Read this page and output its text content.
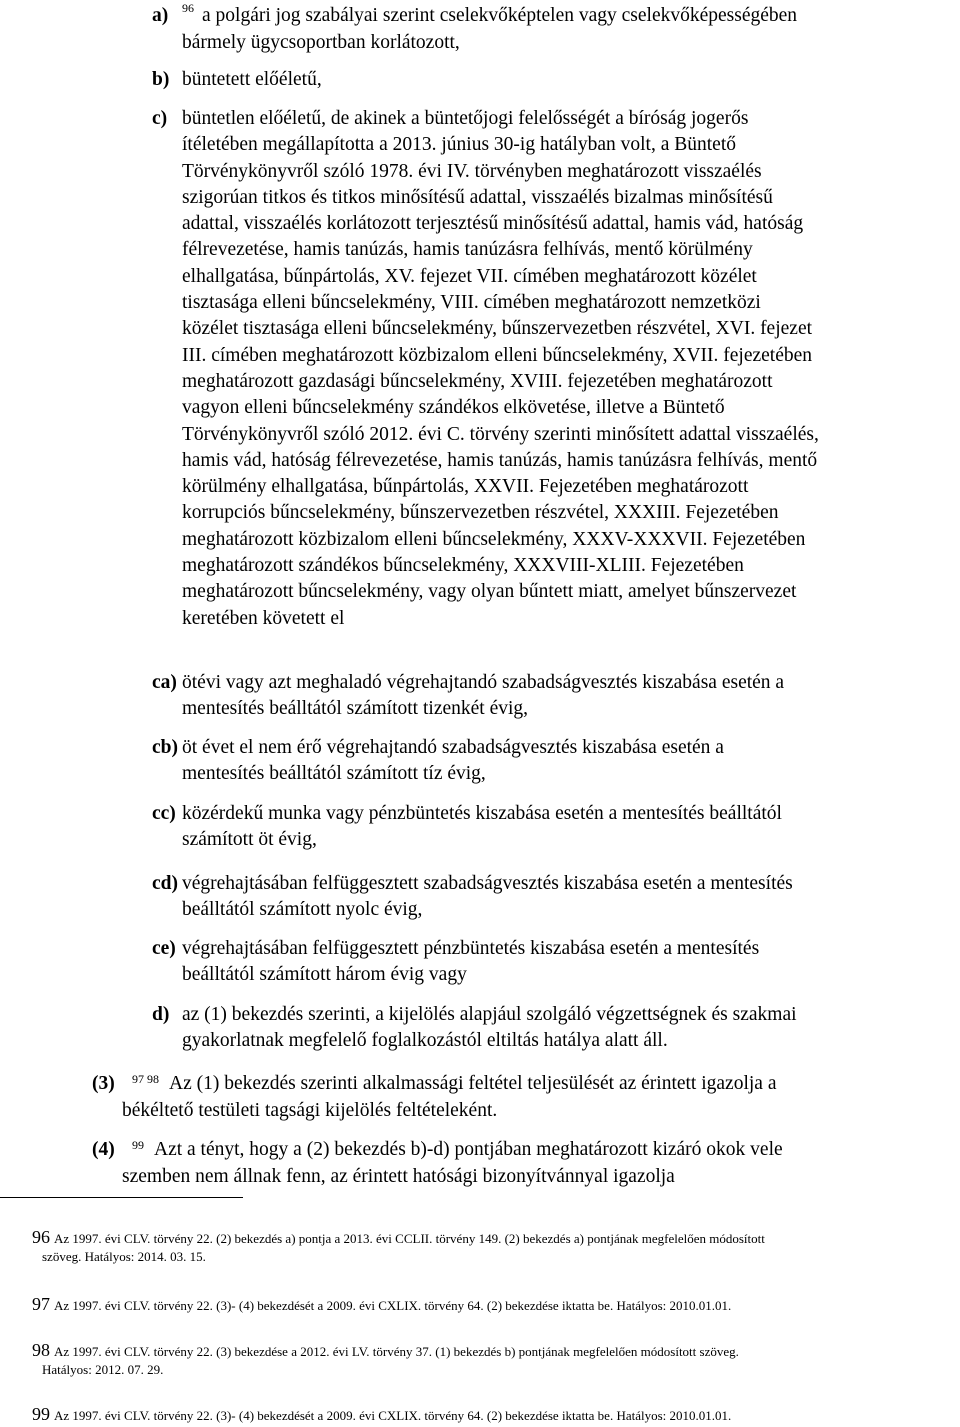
a) $^{96}$ a polgári jog szabályai szerint cselekvőképtelen vagy cselekvőképességében
bármely ügycsoportban korlátozott,
b) büntetett előéletű,
c) büntetlen előéletű, de akinek a büntetőjogi felelősségét a bíróság jogerős
ítéletében megállapította a 2013. június 30-ig hatályban volt, a Büntető
Törvénykönyvről szóló 1978. évi IV. törvényben meghatározott visszaélés
szigorúan titkos és titkos minősítésű adattal, visszaélés bizalmas minősítésű
adattal, visszaélés korlátozott terjesztésű minősítésű adattal, hamis vád, hatóság
félrevezetése, hamis tanúzás, hamis tanúzásra felhívás, mentő körülmény
elhallgatása, bűnpártolás, XV. fejezet VII. címében meghatározott közélet
tisztasága elleni bűncselekmény, VIII. címében meghatározott nemzetközi
közélet tisztasága elleni bűncselekmény, bűnszervezetben részvétel, XVI. fejezet
III. címében meghatározott közbizalom elleni bűncselekmény, XVII. fejezetében
meghatározott gazdasági bűncselekmény, XVIII. fejezetében meghatározott
vagyon elleni bűncselekmény szándékos elkövetése, illetve a Büntető
Törvénykönyvről szóló 2012. évi C. törvény szerinti minősített adattal visszaélés,
hamis vád, hatóság félrevezetése, hamis tanúzás, hamis tanúzásra felhívás, mentő
körülmény elhallgatása, bűnpártolás, XXVII. Fejezetében meghatározott
korrupciós bűncselekmény, bűnszervezetben részvétel, XXXIII. Fejezetében
meghatározott közbizalom elleni bűncselekmény, XXXV-XXXVII. Fejezetében
meghatározott szándékos bűncselekmény, XXXVIII-XLIII. Fejezetében
meghatározott bűncselekmény, vagy olyan bűntett miatt, amelyet bűnszervezet
keretében követett el
ca) ötévi vagy azt meghaladó végrehajtandó szabadságvesztés kiszabása esetén a
mentesítés beálltától számított tizenkét évig,
cb) öt évet el nem érő végrehajtandó szabadságvesztés kiszabása esetén a
mentesítés beálltától számított tíz évig,
cc) közérdekű munka vagy pénzbüntetés kiszabása esetén a mentesítés beálltától
számított öt évig,
cd) végrehajtásában felfüggesztett szabadságvesztés kiszabása esetén a mentesítés
beálltától számított nyolc évig,
ce) végrehajtásában felfüggesztett pénzbüntetés kiszabása esetén a mentesítés
beálltától számított három évig vagy
d) az (1) bekezdés szerinti, a kijelölés alapjául szolgáló végzettségnek és szakmai
gyakorlatnak megfelelő foglalkozástól eltiltás hatálya alatt áll.
(3) $^{97 98}$ Az (1) bekezdés szerinti alkalmassági feltétel teljesülését az érintett igazolja a
békéltető testületi tagsági kijelölés feltételeként.
(4) $^{99}$ Azt a tényt, hogy a (2) bekezdés b)-d) pontjában meghatározott kizáró okok vele
szemben nem állnak fenn, az érintett hatósági bizonyítvánnyal igazolja
96 Az 1997. évi CLV. törvény 22. (2) bekezdés a) pontja a 2013. évi CCLII. törvény 149. (2) bekezdés a) pontjának megfelelően módosított
szöveg. Hatályos: 2014. 03. 15.
97 Az 1997. évi CLV. törvény 22. (3)- (4) bekezdését a 2009. évi CXLIX. törvény 64. (2) bekezdése iktatta be. Hatályos: 2010.01.01.
98 Az 1997. évi CLV. törvény 22. (3) bekezdése a 2012. évi LV. törvény 37. (1) bekezdés b) pontjának megfelelően módosított szöveg.
Hatályos: 2012. 07. 29.
99 Az 1997. évi CLV. törvény 22. (3)- (4) bekezdését a 2009. évi CXLIX. törvény 64. (2) bekezdése iktatta be. Hatályos: 2010.01.01.
